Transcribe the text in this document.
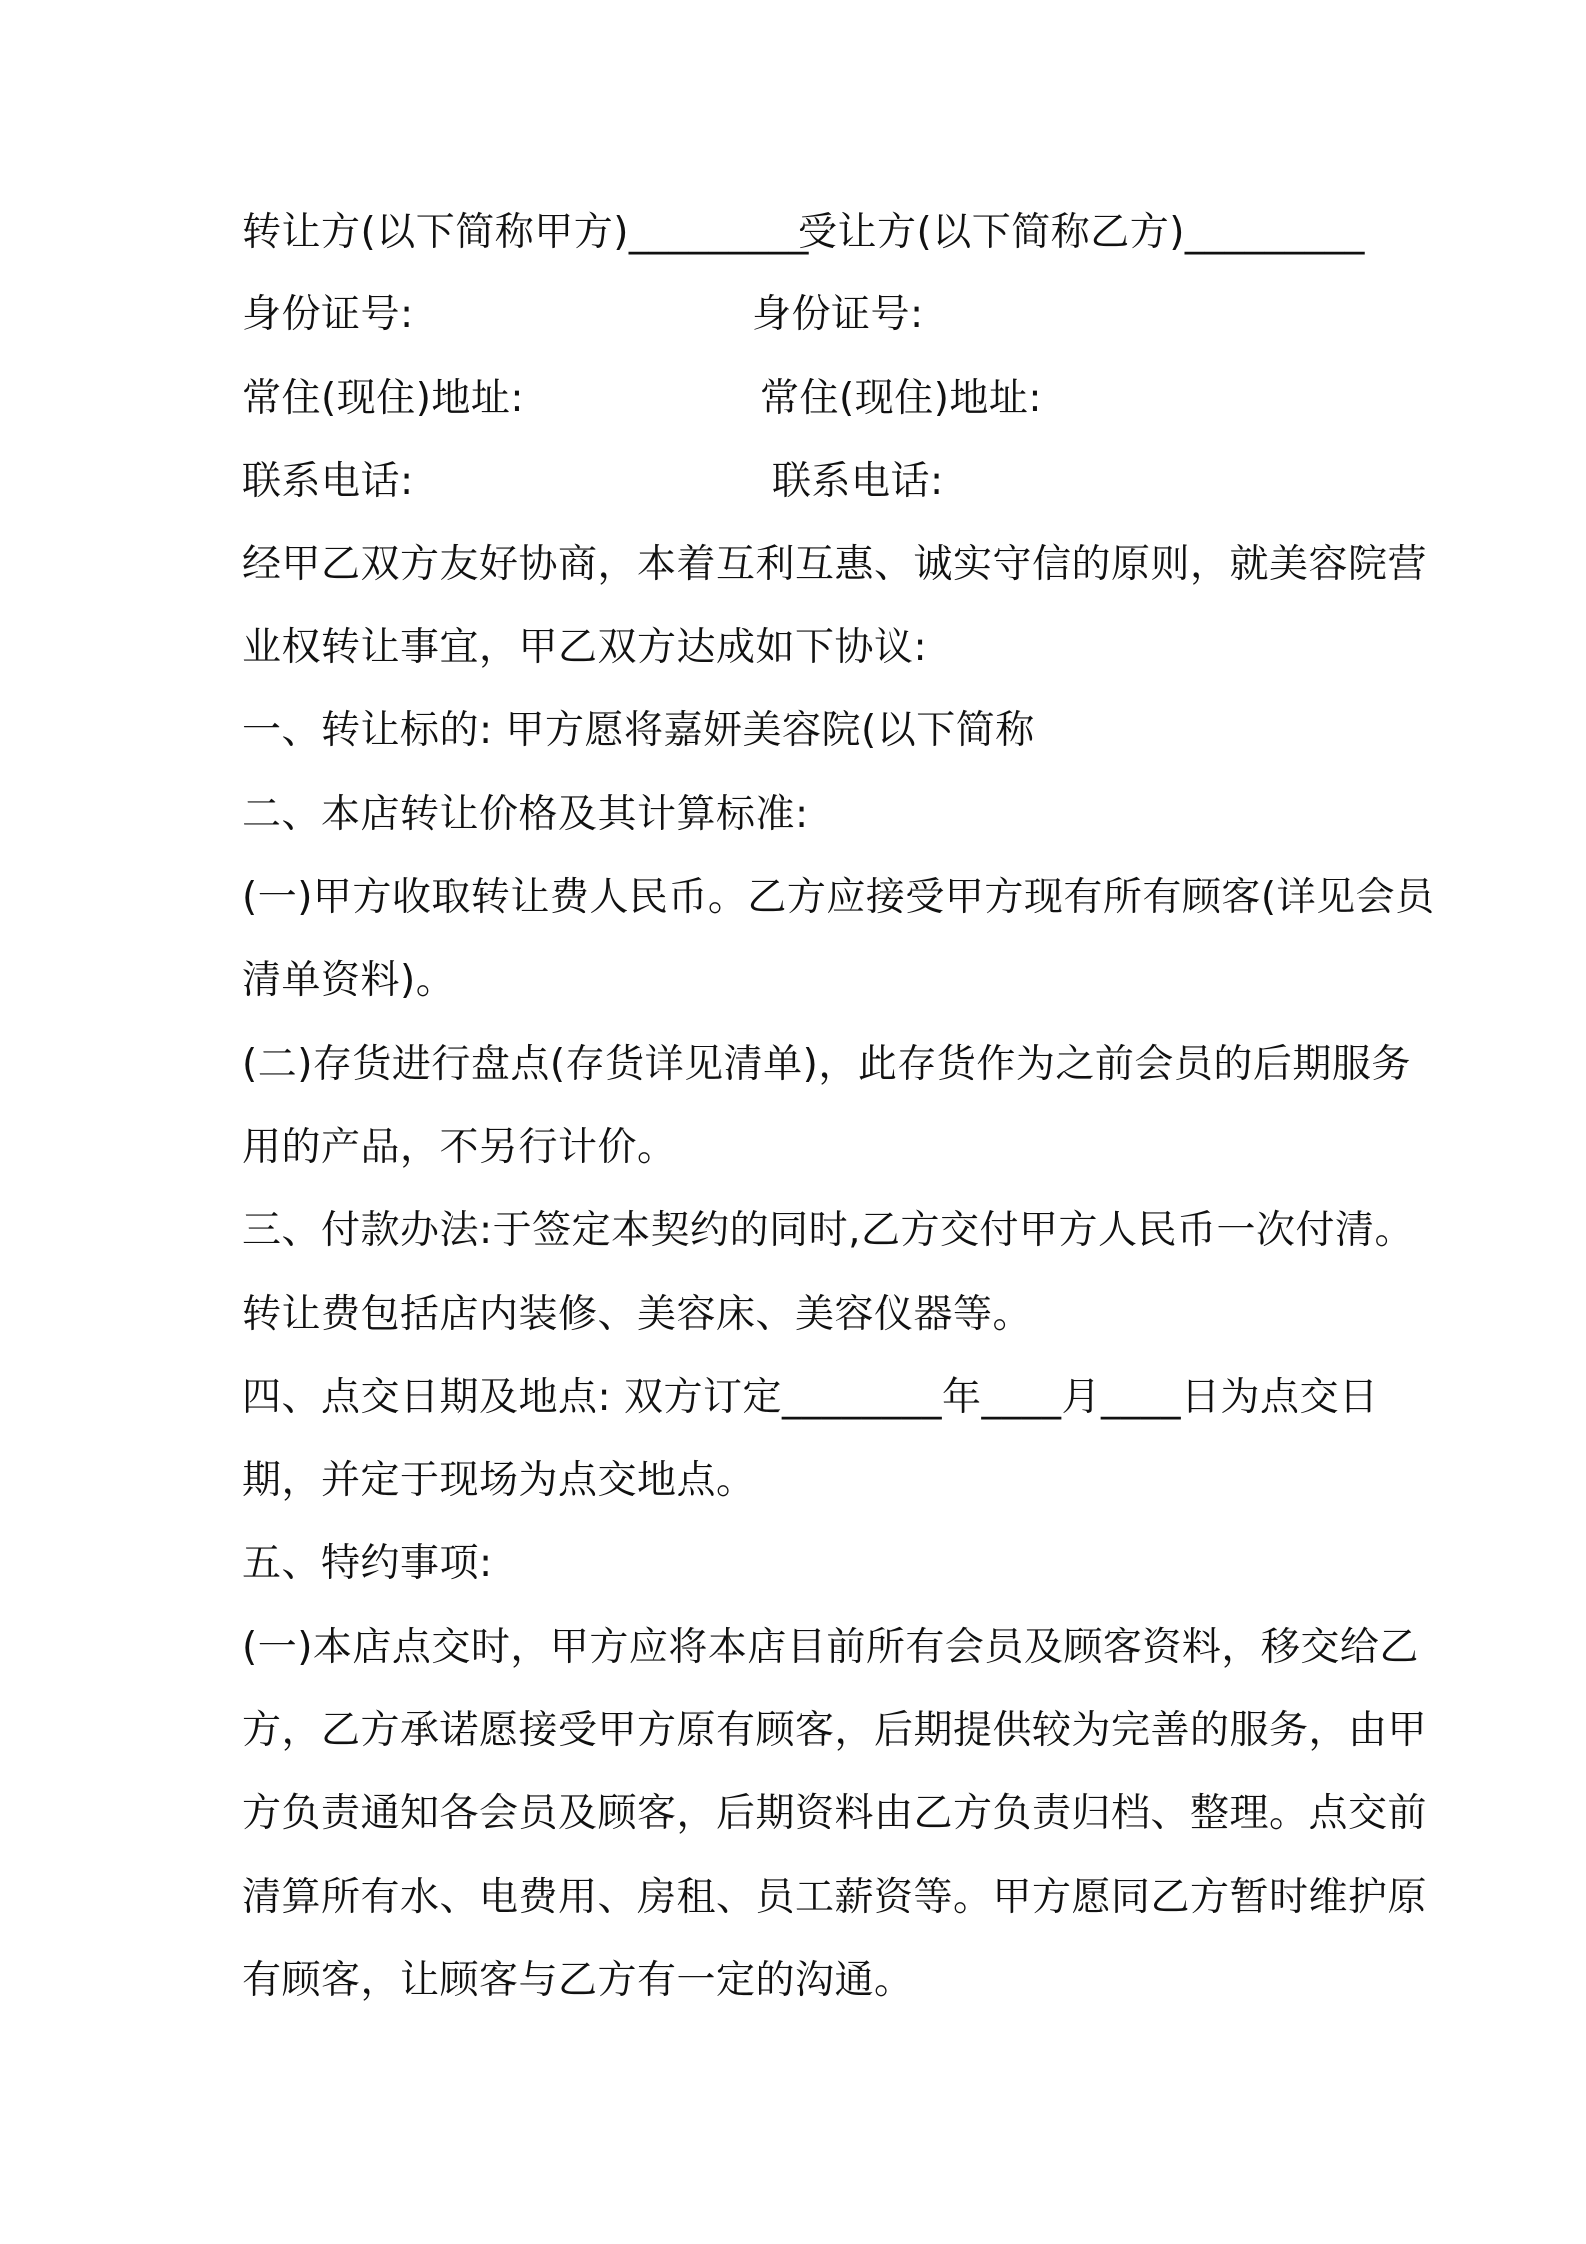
转让方(以下简称甲方)_________
受让方(以下简称乙方)_________
身份证号:	身份证号:
常住(现住)地址:	常住(现住)地址:
联系电话:	联系电话:
经甲乙双方友好协商，本着互利互惠、诚实守信的原则，就美容院营
业权转让事宜，甲乙双方达成如下协议:
一、转让标的: 甲方愿将嘉妍美容院(以下简称
二、本店转让价格及其计算标准:
(一)甲方收取转让费人民币。乙方应接受甲方现有所有顾客(详见会员
清单资料)。
(二)存货进行盘点(存货详见清单)，此存货作为之前会员的后期服务
用的产品，不另行计价。
三、付款办法:于签定本契约的同时,乙方交付甲方人民币一次付清。
转让费包括店内装修、美容床、美容仪器等。
四、点交日期及地点: 双方订定________年____月____日为点交日
期，并定于现场为点交地点。
五、特约事项:
(一)本店点交时，甲方应将本店目前所有会员及顾客资料，移交给乙
方，乙方承诺愿接受甲方原有顾客，后期提供较为完善的服务，由甲
方负责通知各会员及顾客，后期资料由乙方负责归档、整理。点交前
清算所有水、电费用、房租、员工薪资等。甲方愿同乙方暂时维护原
有顾客，让顾客与乙方有一定的沟通。
